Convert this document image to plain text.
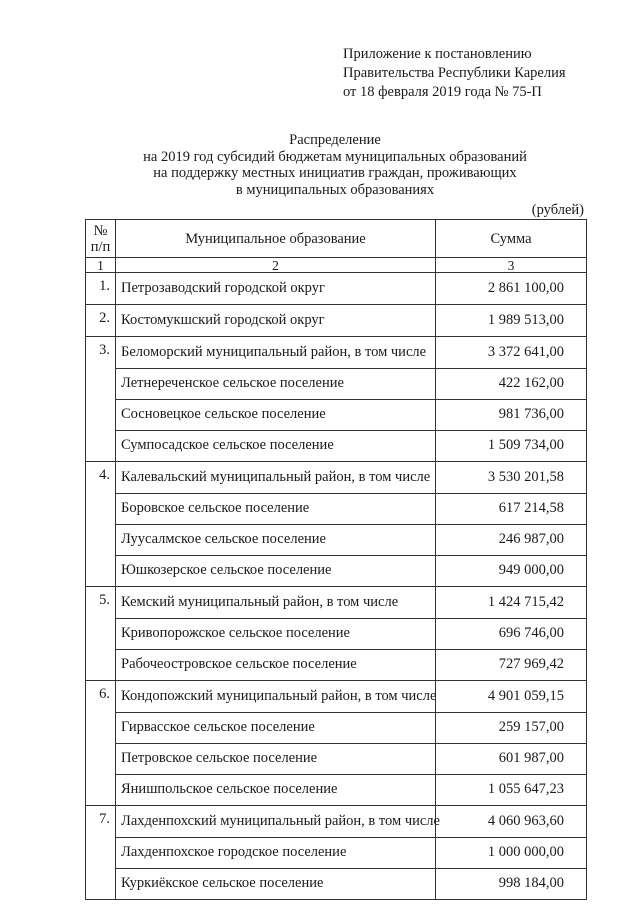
Приложение к постановлению
Правительства Республики Карелия
от 18 февраля 2019 года № 75-П
Распределение
на 2019 год субсидий бюджетам муниципальных образований
на поддержку местных инициатив граждан, проживающих
в муниципальных образованиях
(рублей)
№
п/п	Муниципальное образование	Сумма
1	2	3
1.	Петрозаводский городской округ	2 861 100,00
2.	Костомукшский городской округ	1 989 513,00
3.	Беломорский муниципальный район, в том числе	3 372 641,00
	Летнереченское сельское поселение	422 162,00
	Сосновецкое сельское поселение	981 736,00
	Сумпосадское сельское поселение	1 509 734,00
4.	Калевальский муниципальный район, в том числе	3 530 201,58
	Боровское сельское поселение	617 214,58
	Луусалмское сельское поселение	246 987,00
	Юшкозерское сельское поселение	949 000,00
5.	Кемский муниципальный район, в том числе	1 424 715,42
	Кривопорожское сельское поселение	696 746,00
	Рабочеостровское сельское поселение	727 969,42
6.	Кондопожский муниципальный район, в том числе	4 901 059,15
	Гирвасское сельское поселение	259 157,00
	Петровское сельское поселение	601 987,00
	Янишпольское сельское поселение	1 055 647,23
7.	Лахденпохский муниципальный район, в том числе	4 060 963,60
	Лахденпохское городское поселение	1 000 000,00
	Куркиёкское сельское поселение	998 184,00
